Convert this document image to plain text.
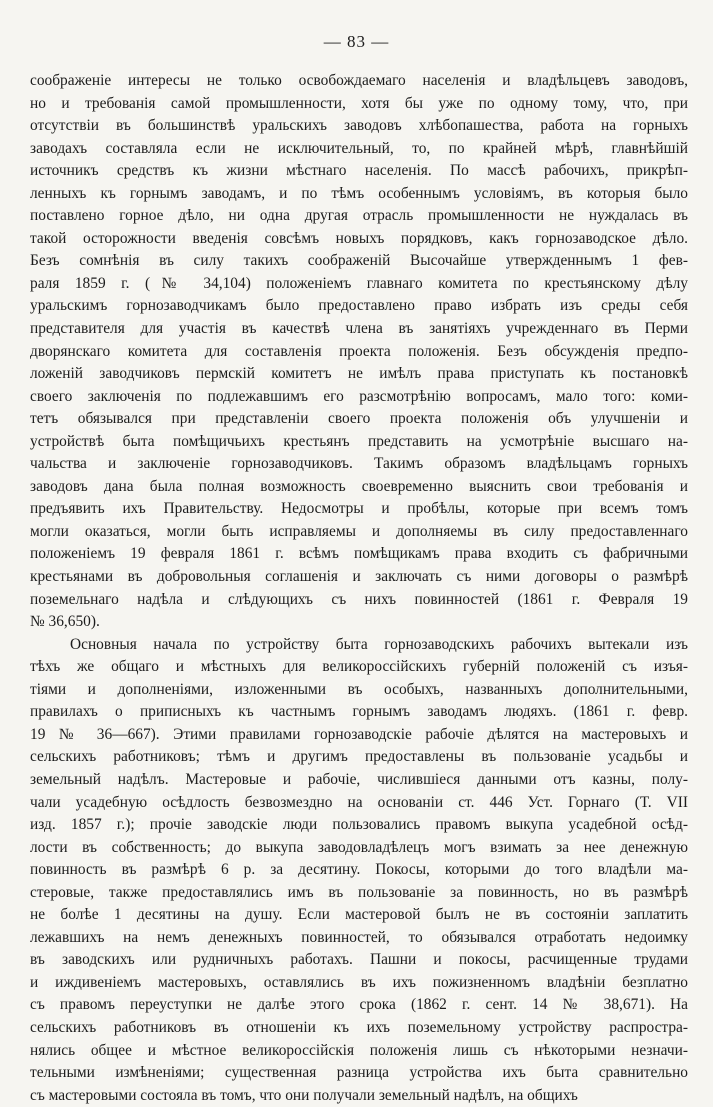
— 83 —
соображеніе интересы не только освобождаемаго населенія и владѣльцевъ заводовъ,
но и требованія самой промышленности, хотя бы уже по одному тому, что, при
отсутствіи въ большинствѣ уральскихъ заводовъ хлѣбопашества, работа на горныхъ
заводахъ составляла если не исключительный, то, по крайней мѣрѣ, главнѣйшій
источникъ средствъ къ жизни мѣстнаго населенія. По массѣ рабочихъ, прикрѣп-
ленныхъ къ горнымъ заводамъ, и по тѣмъ особеннымъ условіямъ, въ которыя было
поставлено горное дѣло, ни одна другая отрасль промышленности не нуждалась въ
такой осторожности введенія совсѣмъ новыхъ порядковъ, какъ горнозаводское дѣло.
Безъ сомнѣнія въ силу такихъ соображеній Высочайше утвержденнымъ 1 фев-
раля 1859 г. (№ 34,104) положеніемъ главнаго комитета по крестьянскому дѣлу
уральскимъ горнозаводчикамъ было предоставлено право избрать изъ среды себя
представителя для участія въ качествѣ члена въ занятіяхъ учрежденнаго въ Перми
дворянскаго комитета для составленія проекта положенія. Безъ обсужденія предпо-
ложеній заводчиковъ пермскій комитетъ не имѣлъ права приступать къ постановкѣ
своего заключенія по подлежавшимъ его разсмотрѣнію вопросамъ, мало того: коми-
тетъ обязывался при представленіи своего проекта положенія объ улучшеніи и
устройствѣ быта помѣщичьихъ крестьянъ представить на усмотрѣніе высшаго на-
чальства и заключеніе горнозаводчиковъ. Такимъ образомъ владѣльцамъ горныхъ
заводовъ дана была полная возможность своевременно выяснить свои требованія и
предъявить ихъ Правительству. Недосмотры и пробѣлы, которые при всемъ томъ
могли оказаться, могли быть исправляемы и дополняемы въ силу предоставленнаго
положеніемъ 19 февраля 1861 г. всѣмъ помѣщикамъ права входить съ фабричными
крестьянами въ добровольныя соглашенія и заключать съ ними договоры о размѣрѣ
поземельнаго надѣла и слѣдующихъ съ нихъ повинностей (1861 г. Февраля 19
№ 36,650).
Основныя начала по устройству быта горнозаводскихъ рабочихъ вытекали изъ
тѣхъ же общаго и мѣстныхъ для великороссійскихъ губерній положеній съ изъя-
тіями и дополненіями, изложенными въ особыхъ, названныхъ дополнительными,
правилахъ о приписныхъ къ частнымъ горнымъ заводамъ людяхъ. (1861 г. февр.
19 № 36—667). Этими правилами горнозаводскіе рабочіе дѣлятся на мастеровыхъ и
сельскихъ работниковъ; тѣмъ и другимъ предоставлены въ пользованіе усадьбы и
земельный надѣлъ. Мастеровые и рабочіе, числившіеся данными отъ казны, полу-
чали усадебную осѣдлость безвозмездно на основаніи ст. 446 Уст. Горнаго (Т. VII
изд. 1857 г.); прочіе заводскіе люди пользовались правомъ выкупа усадебной осѣд-
лости въ собственность; до выкупа заводовладѣлецъ могъ взимать за нее денежную
повинность въ размѣрѣ 6 р. за десятину. Покосы, которыми до того владѣли ма-
стеровые, также предоставлялись имъ въ пользованіе за повинность, но въ размѣрѣ
не болѣе 1 десятины на душу. Если мастеровой былъ не въ состояніи заплатить
лежавшихъ на немъ денежныхъ повинностей, то обязывался отработать недоимку
въ заводскихъ или рудничныхъ работахъ. Пашни и покосы, расчищенные трудами
и иждивеніемъ мастеровыхъ, оставлялись въ ихъ пожизненномъ владѣніи безплатно
съ правомъ переуступки не далѣе этого срока (1862 г. сент. 14 № 38,671). На
сельскихъ работниковъ въ отношеніи къ ихъ поземельному устройству распростра-
нялись общее и мѣстное великороссійскія положенія лишь съ нѣкоторыми незначи-
тельными измѣненіями; существенная разница устройства ихъ быта сравнительно
съ мастеровыми состояла въ томъ, что они получали земельный надѣлъ, на общихъ
